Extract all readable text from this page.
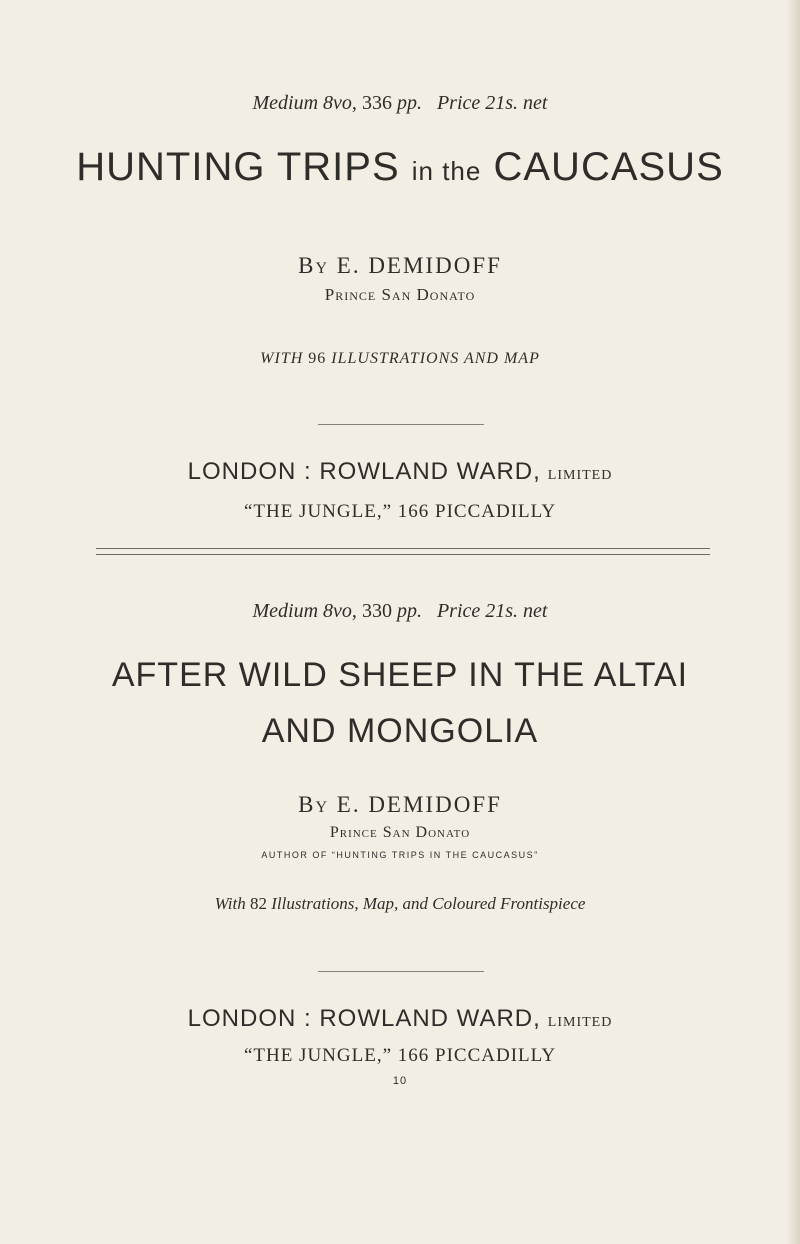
Medium 8vo, 336 pp. Price 21s. net
HUNTING TRIPS in the CAUCASUS
By E. DEMIDOFF
Prince San Donato
WITH 96 ILLUSTRATIONS AND MAP
LONDON : ROWLAND WARD, limited
“THE JUNGLE,” 166 PICCADILLY
Medium 8vo, 330 pp. Price 21s. net
AFTER WILD SHEEP IN THE ALTAI
AND MONGOLIA
By E. DEMIDOFF
Prince San Donato
AUTHOR OF “HUNTING TRIPS IN THE CAUCASUS”
With 82 Illustrations, Map, and Coloured Frontispiece
LONDON : ROWLAND WARD, limited
“THE JUNGLE,” 166 PICCADILLY
10
